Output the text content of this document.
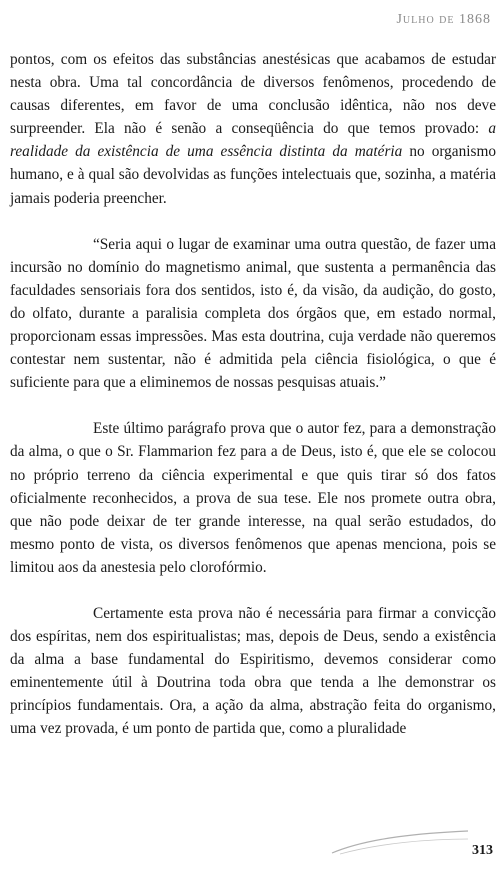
Julho de 1868

pontos, com os efeitos das substâncias anestésicas que acabamos de estudar nesta obra. Uma tal concordância de diversos fenômenos, procedendo de causas diferentes, em favor de uma conclusão idêntica, não nos deve surpreender. Ela não é senão a conseqüência do que temos provado: a realidade da existência de uma essência distinta da matéria no organismo humano, e à qual são devolvidas as funções intelectuais que, sozinha, a matéria jamais poderia preencher.

“Seria aqui o lugar de examinar uma outra questão, de fazer uma incursão no domínio do magnetismo animal, que sustenta a permanência das faculdades sensoriais fora dos sentidos, isto é, da visão, da audição, do gosto, do olfato, durante a paralisia completa dos órgãos que, em estado normal, proporcionam essas impressões. Mas esta doutrina, cuja verdade não queremos contestar nem sustentar, não é admitida pela ciência fisiológica, o que é suficiente para que a eliminemos de nossas pesquisas atuais.”

Este último parágrafo prova que o autor fez, para a demonstração da alma, o que o Sr. Flammarion fez para a de Deus, isto é, que ele se colocou no próprio terreno da ciência experimental e que quis tirar só dos fatos oficialmente reconhecidos, a prova de sua tese. Ele nos promete outra obra, que não pode deixar de ter grande interesse, na qual serão estudados, do mesmo ponto de vista, os diversos fenômenos que apenas menciona, pois se limitou aos da anestesia pelo clorofórmio.

Certamente esta prova não é necessária para firmar a convicção dos espíritas, nem dos espiritualistas; mas, depois de Deus, sendo a existência da alma a base fundamental do Espiritismo, devemos considerar como eminentemente útil à Doutrina toda obra que tenda a lhe demonstrar os princípios fundamentais. Ora, a ação da alma, abstração feita do organismo, uma vez provada, é um ponto de partida que, como a pluralidade

313
